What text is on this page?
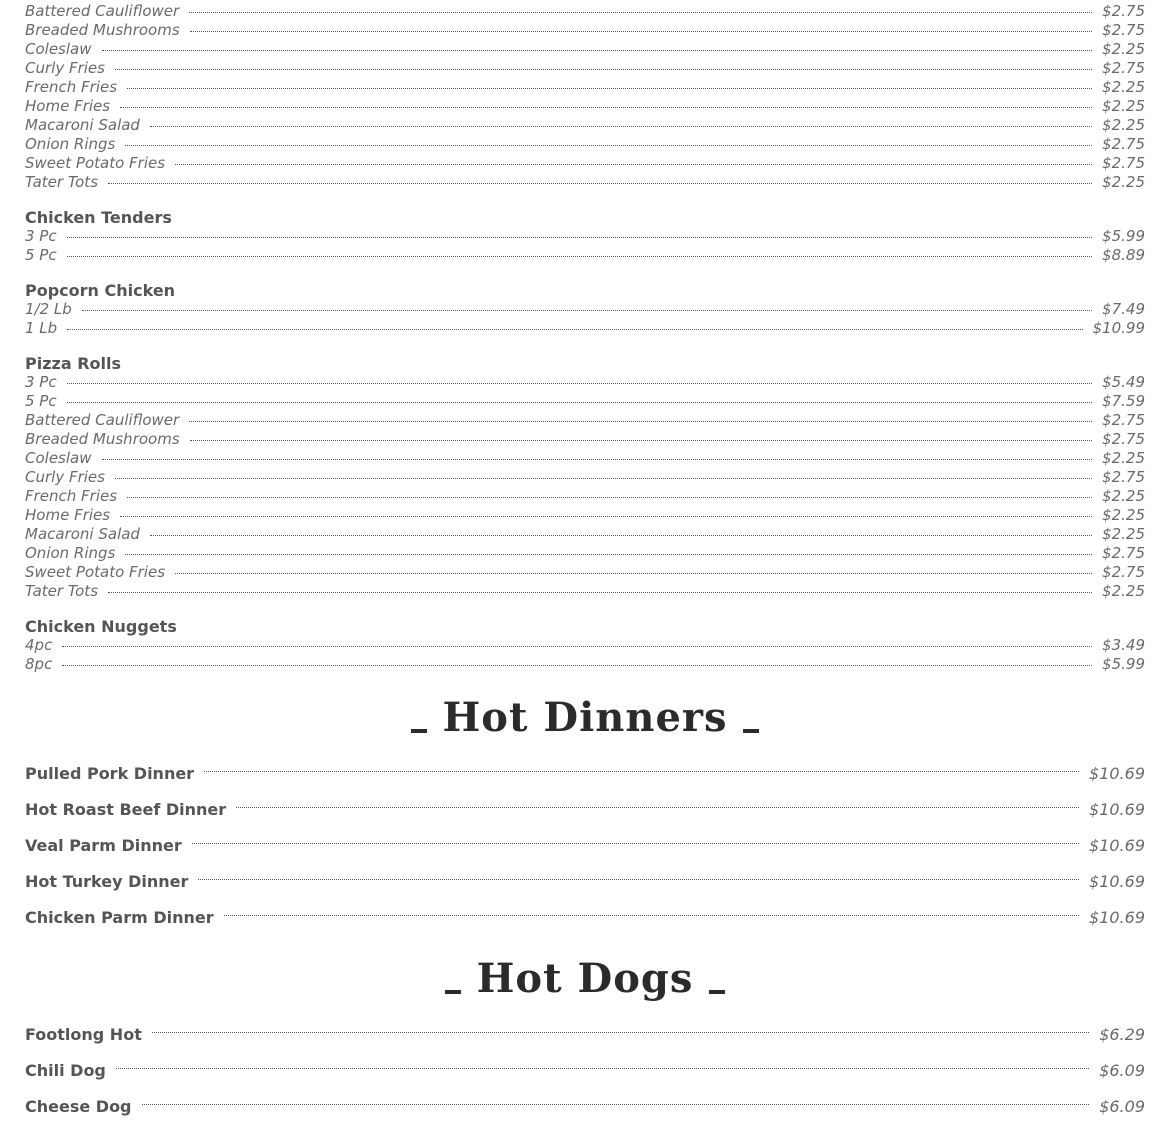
Battered Cauliflower	$2.75
Breaded Mushrooms	$2.75
Coleslaw	$2.25
Curly Fries	$2.75
French Fries	$2.25
Home Fries	$2.25
Macaroni Salad	$2.25
Onion Rings	$2.75
Sweet Potato Fries	$2.75
Tater Tots	$2.25
Chicken Tenders
3 Pc	$5.99
5 Pc	$8.89
Popcorn Chicken
1/2 Lb	$7.49
1 Lb	$10.99
Pizza Rolls
3 Pc	$5.49
5 Pc	$7.59
Battered Cauliflower	$2.75
Breaded Mushrooms	$2.75
Coleslaw	$2.25
Curly Fries	$2.75
French Fries	$2.25
Home Fries	$2.25
Macaroni Salad	$2.25
Onion Rings	$2.75
Sweet Potato Fries	$2.75
Tater Tots	$2.25
Chicken Nuggets
4pc	$3.49
8pc	$5.99
Hot Dinners
Pulled Pork Dinner	$10.69
Hot Roast Beef Dinner	$10.69
Veal Parm Dinner	$10.69
Hot Turkey Dinner	$10.69
Chicken Parm Dinner	$10.69
Hot Dogs
Footlong Hot	$6.29
Chili Dog	$6.09
Cheese Dog	$6.09
